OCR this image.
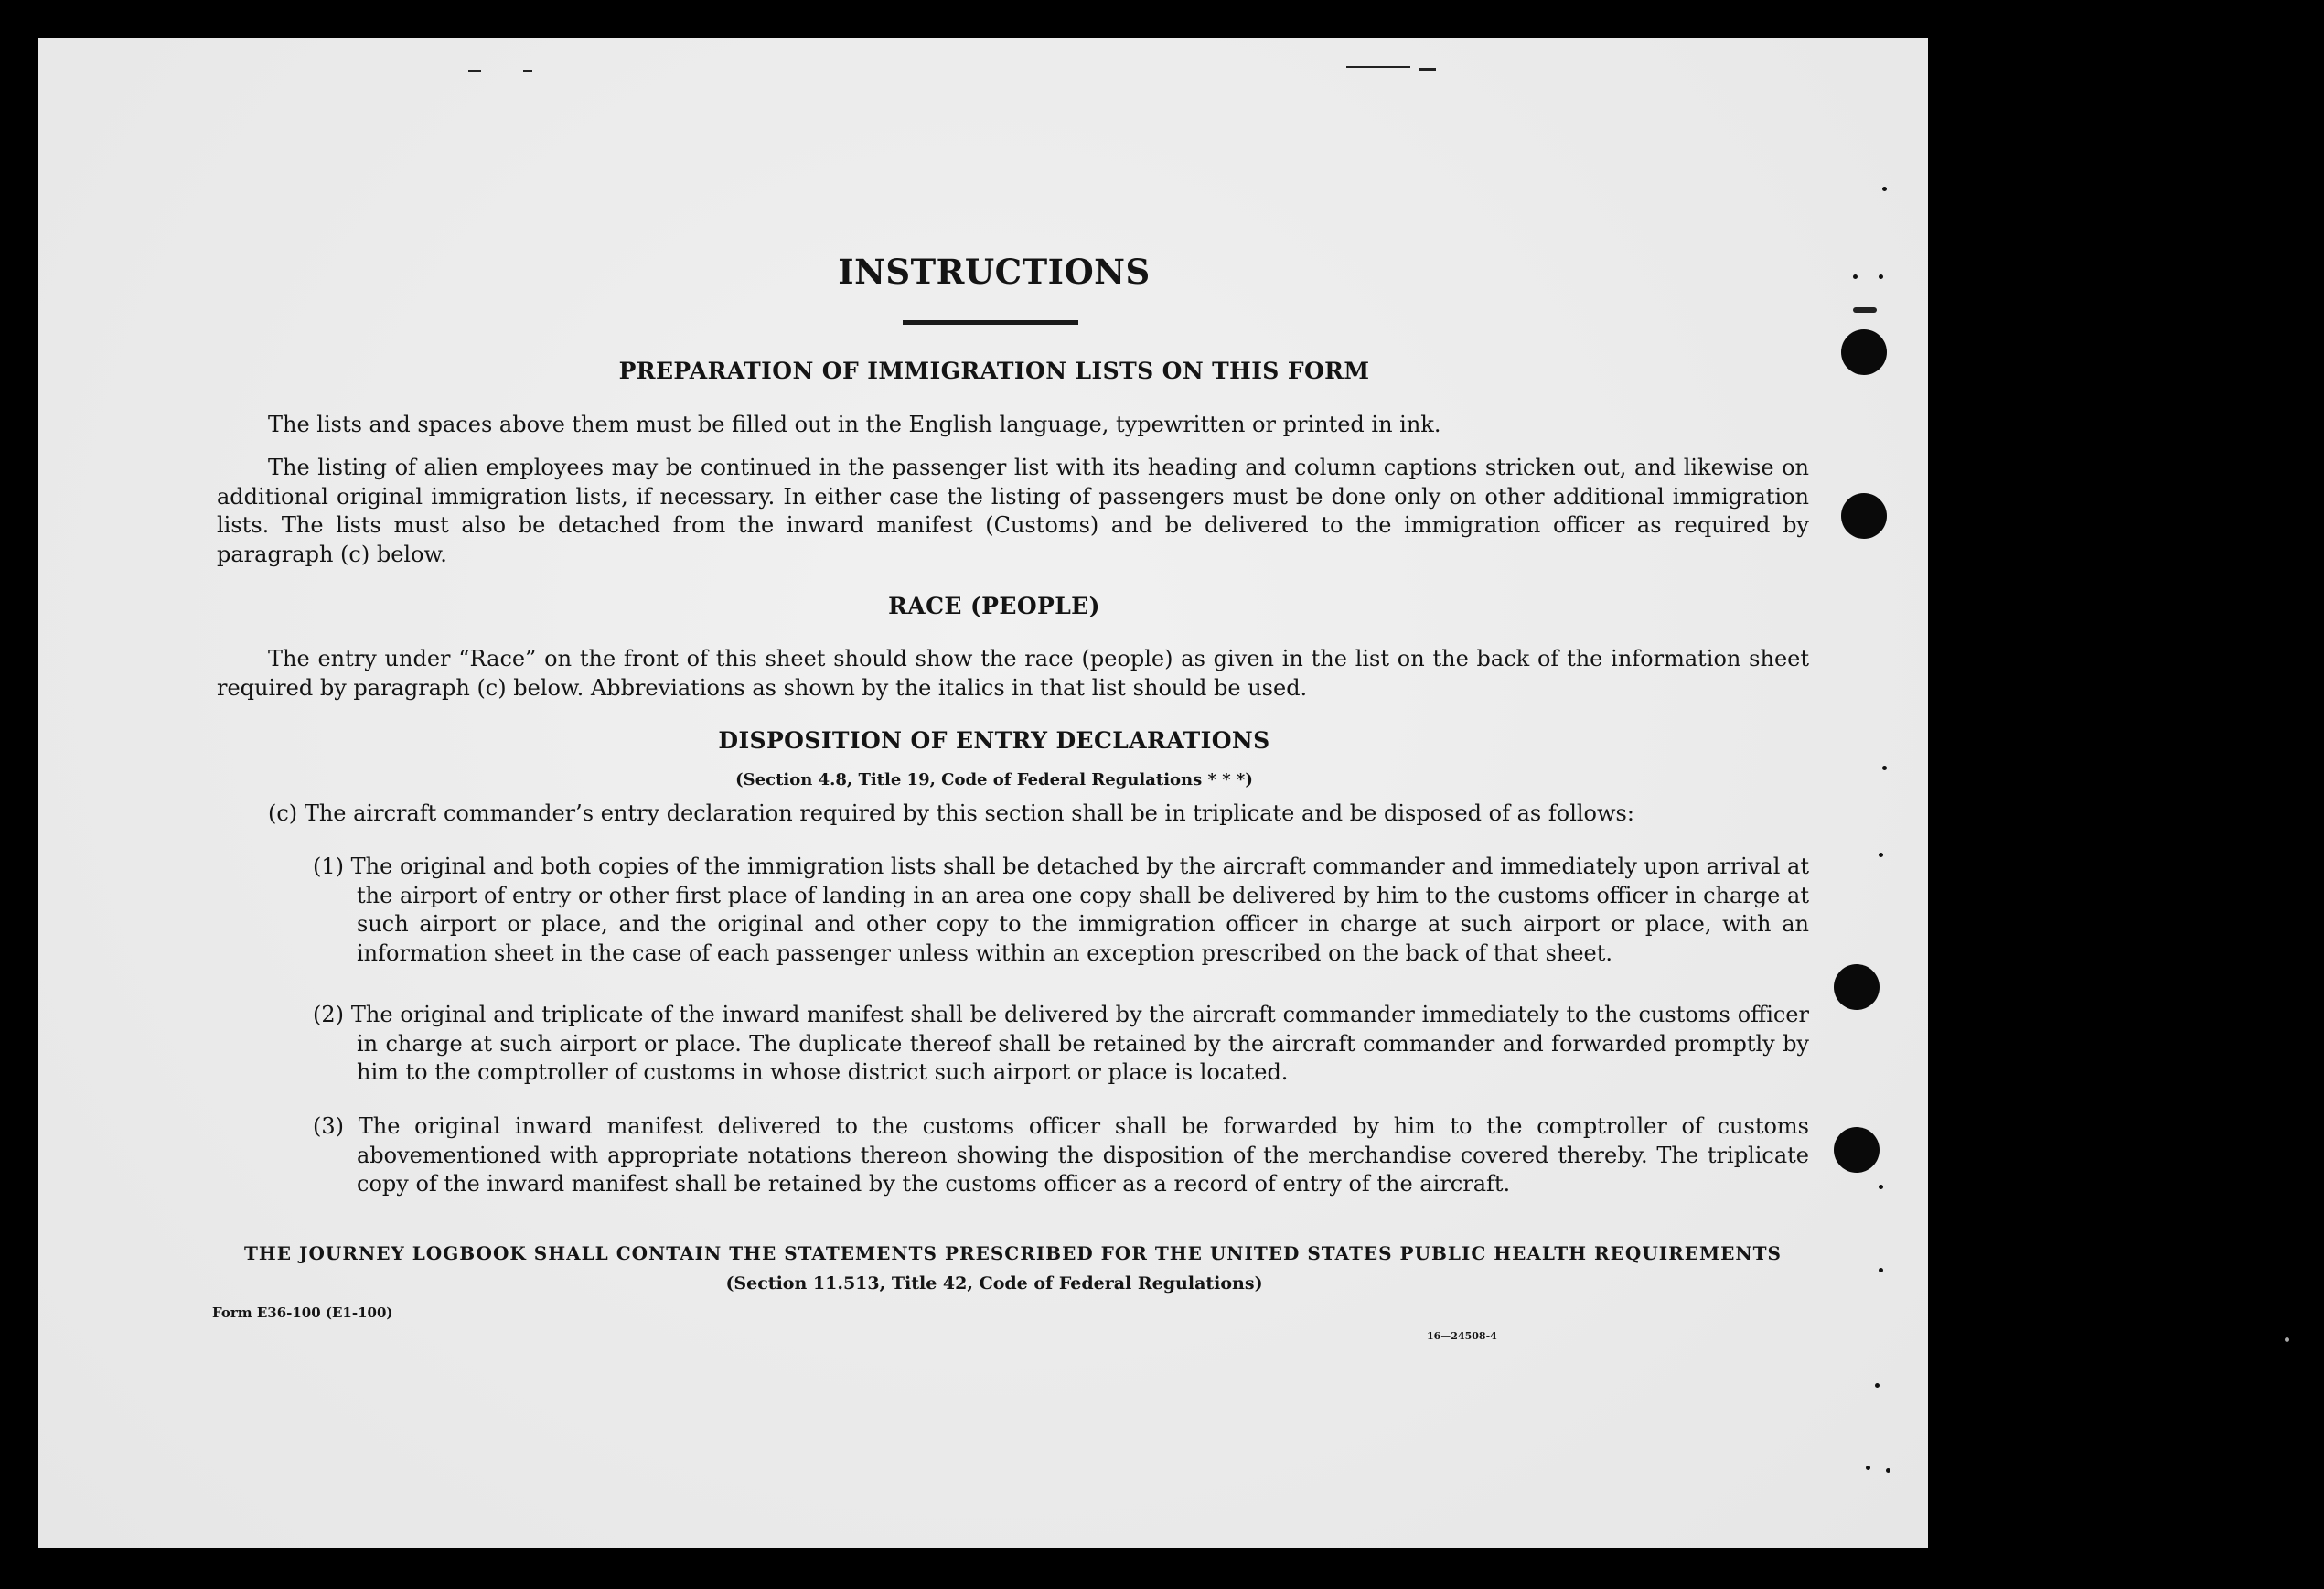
INSTRUCTIONS
PREPARATION OF IMMIGRATION LISTS ON THIS FORM
The lists and spaces above them must be filled out in the English language, typewritten or printed in ink.
The listing of alien employees may be continued in the passenger list with its heading and column captions stricken out, and likewise on additional original immigration lists, if necessary. In either case the listing of passengers must be done only on other additional immigration lists. The lists must also be detached from the inward manifest (Customs) and be delivered to the immigration officer as required by paragraph (c) below.
RACE (PEOPLE)
The entry under “Race” on the front of this sheet should show the race (people) as given in the list on the back of the information sheet required by paragraph (c) below. Abbreviations as shown by the italics in that list should be used.
DISPOSITION OF ENTRY DECLARATIONS
(Section 4.8, Title 19, Code of Federal Regulations * * *)
(c) The aircraft commander’s entry declaration required by this section shall be in triplicate and be disposed of as follows:
(1) The original and both copies of the immigration lists shall be detached by the aircraft commander and immediately upon arrival at the airport of entry or other first place of landing in an area one copy shall be delivered by him to the customs officer in charge at such airport or place, and the original and other copy to the immigration officer in charge at such airport or place, with an information sheet in the case of each passenger unless within an exception prescribed on the back of that sheet.
(2) The original and triplicate of the inward manifest shall be delivered by the aircraft commander immediately to the customs officer in charge at such airport or place. The duplicate thereof shall be retained by the aircraft commander and forwarded promptly by him to the comptroller of customs in whose district such airport or place is located.
(3) The original inward manifest delivered to the customs officer shall be forwarded by him to the comptroller of customs abovementioned with appropriate notations thereon showing the disposition of the merchandise covered thereby. The triplicate copy of the inward manifest shall be retained by the customs officer as a record of entry of the aircraft.
THE JOURNEY LOGBOOK SHALL CONTAIN THE STATEMENTS PRESCRIBED FOR THE UNITED STATES PUBLIC HEALTH REQUIREMENTS
(Section 11.513, Title 42, Code of Federal Regulations)
Form E36-100 (E1-100)
16—24508-4
